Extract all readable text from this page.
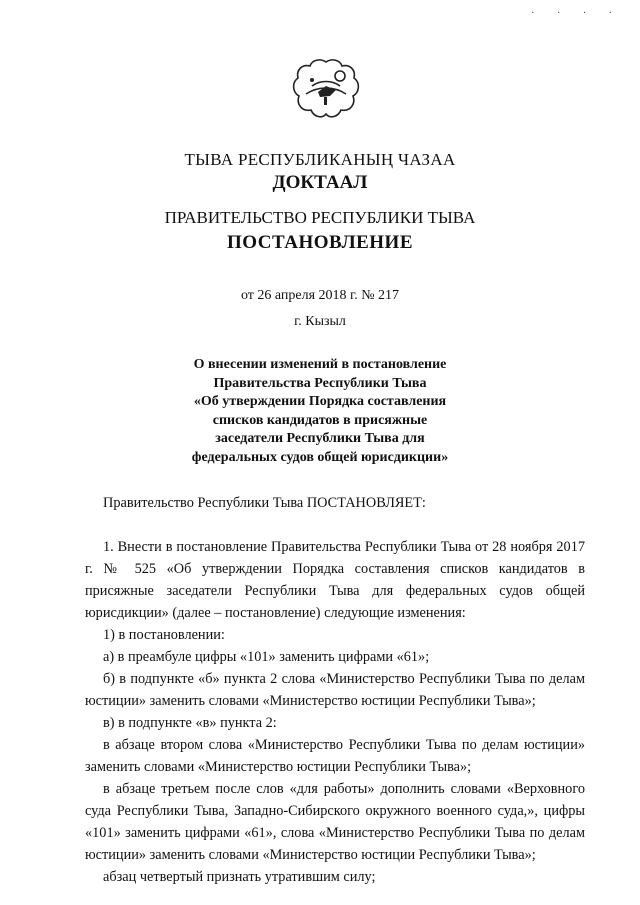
· · · ·
ТЫВА РЕСПУБЛИКАНЫҢ ЧАЗАА
ДОКТААЛ
ПРАВИТЕЛЬСТВО РЕСПУБЛИКИ ТЫВА
ПОСТАНОВЛЕНИЕ
от 26 апреля 2018 г. № 217
г. Кызыл
О внесении изменений в постановление
Правительства Республики Тыва
«Об утверждении Порядка составления
списков кандидатов в присяжные
заседатели Республики Тыва для
федеральных судов общей юрисдикции»

Правительство Республики Тыва ПОСТАНОВЛЯЕТ:

1. Внести в постановление Правительства Республики Тыва от 28 ноября 2017 г. № 525 «Об утверждении Порядка составления списков кандидатов в присяжные заседатели Республики Тыва для федеральных судов общей юрисдикции» (далее – постановление) следующие изменения:

1) в постановлении:

а) в преамбуле цифры «101» заменить цифрами «61»;

б) в подпункте «б» пункта 2 слова «Министерство Республики Тыва по делам юстиции» заменить словами «Министерство юстиции Республики Тыва»;

в) в подпункте «в» пункта 2:

в абзаце втором слова «Министерство Республики Тыва по делам юстиции» заменить словами «Министерство юстиции Республики Тыва»;

в абзаце третьем после слов «для работы» дополнить словами «Верховного суда Республики Тыва, Западно-Сибирского окружного военного суда,», цифры «101» заменить цифрами «61», слова «Министерство Республики Тыва по делам юстиции» заменить словами «Министерство юстиции Республики Тыва»;

абзац четвертый признать утратившим силу;
